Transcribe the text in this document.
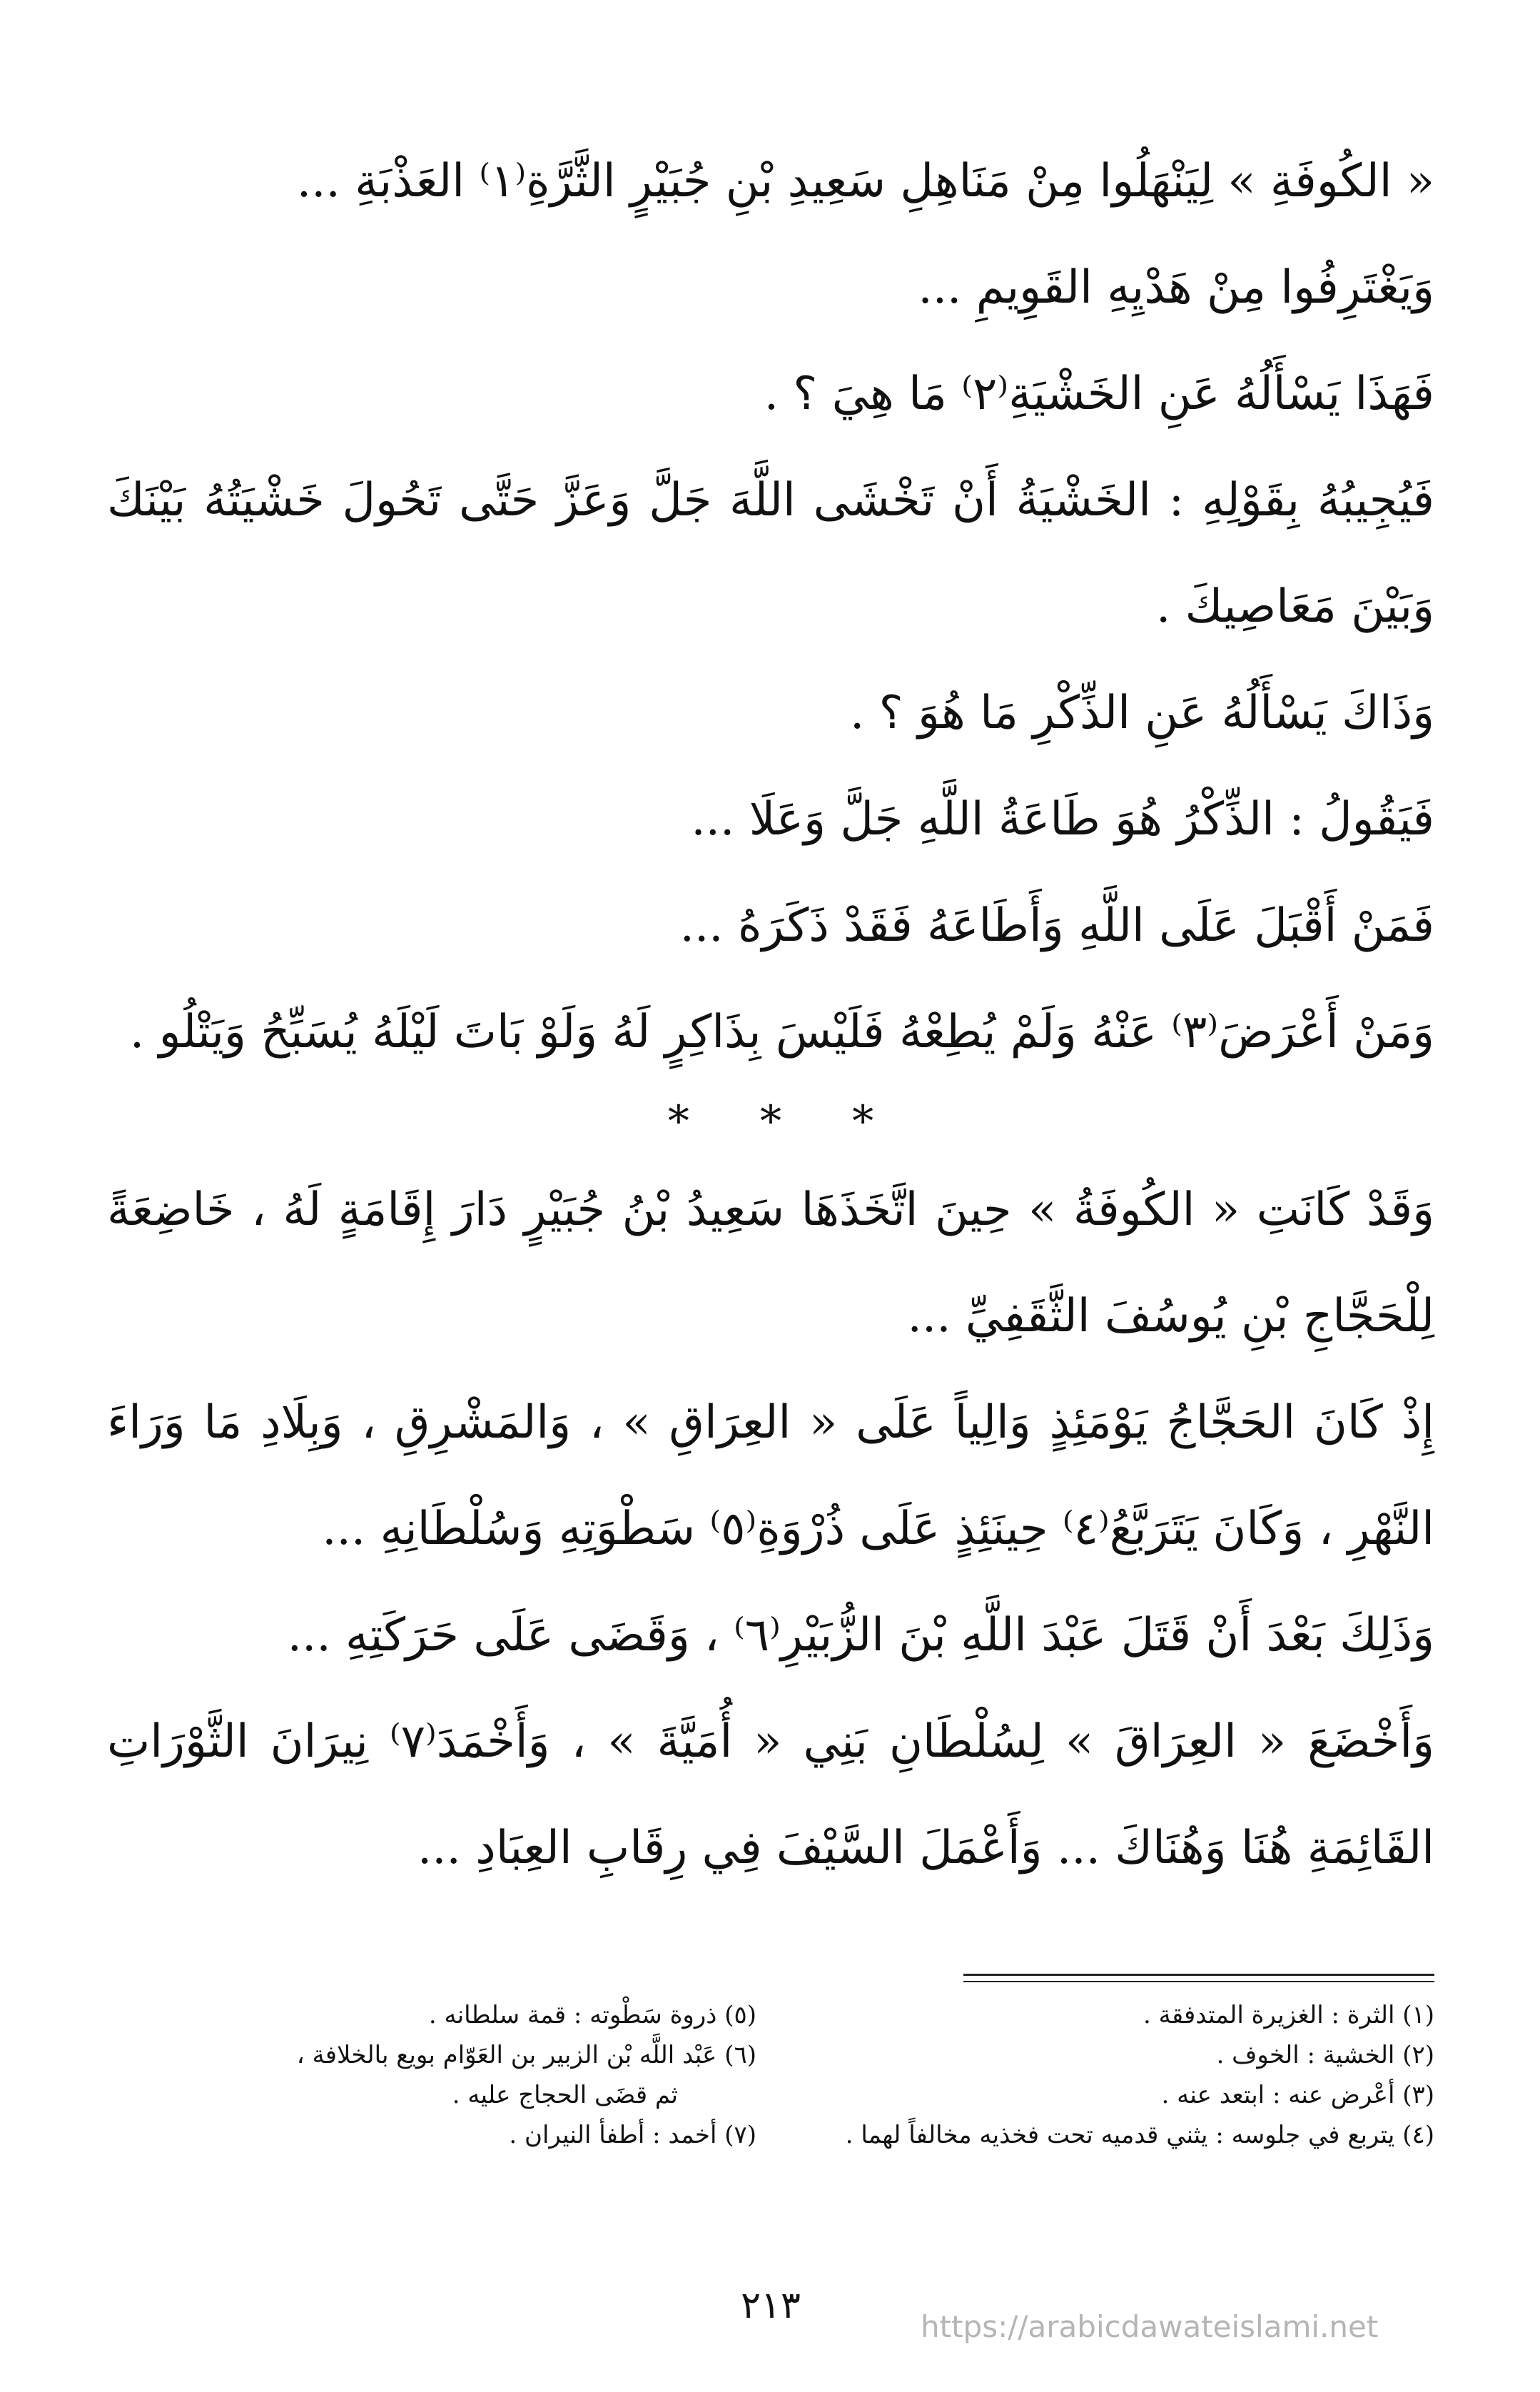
« الكُوفَةِ » لِيَنْهَلُوا مِنْ مَنَاهِلِ سَعِيدِ بْنِ جُبَيْرٍ الثَّرَّةِ⁽١⁾ العَذْبَةِ ...

وَيَغْتَرِفُوا مِنْ هَدْيِهِ القَوِيمِ ...

فَهَذَا يَسْأَلُهُ عَنِ الخَشْيَةِ⁽٢⁾ مَا هِيَ ؟ .

فَيُجِيبُهُ بِقَوْلِهِ : الخَشْيَةُ أَنْ تَخْشَى اللَّهَ جَلَّ وَعَزَّ حَتَّى تَحُولَ خَشْيَتُهُ بَيْنَكَ وَبَيْنَ مَعَاصِيكَ .

وَذَاكَ يَسْأَلُهُ عَنِ الذِّكْرِ مَا هُوَ ؟ .

فَيَقُولُ : الذِّكْرُ هُوَ طَاعَةُ اللَّهِ جَلَّ وَعَلَا ...

فَمَنْ أَقْبَلَ عَلَى اللَّهِ وَأَطَاعَهُ فَقَدْ ذَكَرَهُ ...

وَمَنْ أَعْرَضَ⁽٣⁾ عَنْهُ وَلَمْ يُطِعْهُ فَلَيْسَ بِذَاكِرٍ لَهُ وَلَوْ بَاتَ لَيْلَهُ يُسَبِّحُ وَيَتْلُو .

* * *

وَقَدْ كَانَتِ « الكُوفَةُ » حِينَ اتَّخَذَهَا سَعِيدُ بْنُ جُبَيْرٍ دَارَ إِقَامَةٍ لَهُ ، خَاضِعَةً لِلْحَجَّاجِ بْنِ يُوسُفَ الثَّقَفِيِّ ...

إِذْ كَانَ الحَجَّاجُ يَوْمَئِذٍ وَالِياً عَلَى « العِرَاقِ » ، وَالمَشْرِقِ ، وَبِلَادِ مَا وَرَاءَ النَّهْرِ ، وَكَانَ يَتَرَبَّعُ⁽٤⁾ حِينَئِذٍ عَلَى ذُرْوَةِ⁽٥⁾ سَطْوَتِهِ وَسُلْطَانِهِ ...

وَذَلِكَ بَعْدَ أَنْ قَتَلَ عَبْدَ اللَّهِ بْنَ الزُّبَيْرِ⁽٦⁾ ، وَقَضَى عَلَى حَرَكَتِهِ ...

وَأَخْضَعَ « العِرَاقَ » لِسُلْطَانِ بَنِي « أُمَيَّةَ » ، وَأَخْمَدَ⁽٧⁾ نِيرَانَ الثَّوْرَاتِ القَائِمَةِ هُنَا وَهُنَاكَ ... وَأَعْمَلَ السَّيْفَ فِي رِقَابِ العِبَادِ ...

(١) الثرة : الغزيرة المتدفقة .
(٢) الخشية : الخوف .
(٣) أعْرض عنه : ابتعد عنه .
(٤) يتربع في جلوسه : يثني قدميه تحت فخذيه مخالفاً لهما .
(٥) ذروة سَطْوته : قمة سلطانه .
(٦) عَبْد اللَّه بْن الزبير بن العَوّام بويع بالخلافة ،
ثم قضَى الحجاج عليه .
(٧) أخمد : أطفأ النيران .
٢١٣	https://arabicdawateislami.net
